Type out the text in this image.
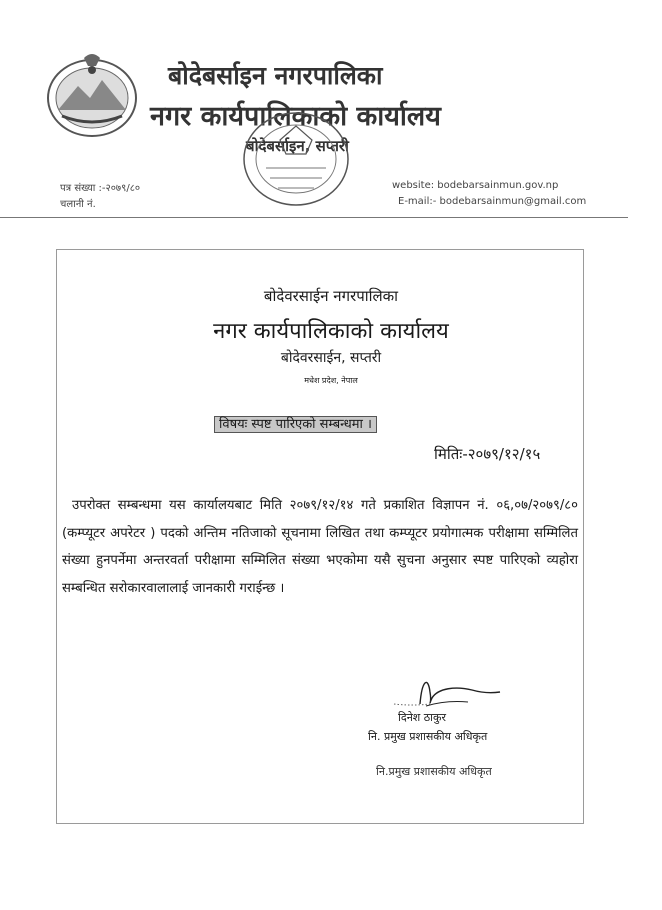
बोदेबर्साइन नगरपालिका
नगर कार्यपालिकाको कार्यालय
बोदेबर्साइन, सप्तरी
पत्र संख्या :-२०७९/८०
चलानी नं.
website: bodebarsainmun.gov.np
E-mail:- bodebarsainmun@gmail.com
बोदेवरसाईन नगरपालिका
नगर कार्यपालिकाको कार्यालय
बोदेवरसाईन, सप्तरी
मधेश प्रदेश, नेपाल
विषयः स्पष्ट पारिएको सम्बन्धमा ।
मितिः-२०७९/१२/१५
उपरोक्त सम्बन्धमा यस कार्यालयबाट मिति २०७९/१२/१४ गते प्रकाशित विज्ञापन नं. ०६,०७/२०७९/८० (कम्प्यूटर अपरेटर ) पदको अन्तिम नतिजाको सूचनामा लिखित तथा कम्प्यूटर प्रयोगात्मक परीक्षामा सम्मिलित संख्या हुनपर्नेमा अन्तरवर्ता परीक्षामा सम्मिलित संख्या भएकोमा यसै सुचना अनुसार स्पष्ट पारिएको व्यहोरा सम्बन्धित सरोकारवालालाई जानकारी गराईन्छ ।
दिनेश ठाकुर
नि. प्रमुख प्रशासकीय अधिकृत
नि.प्रमुख प्रशासकीय अधिकृत
